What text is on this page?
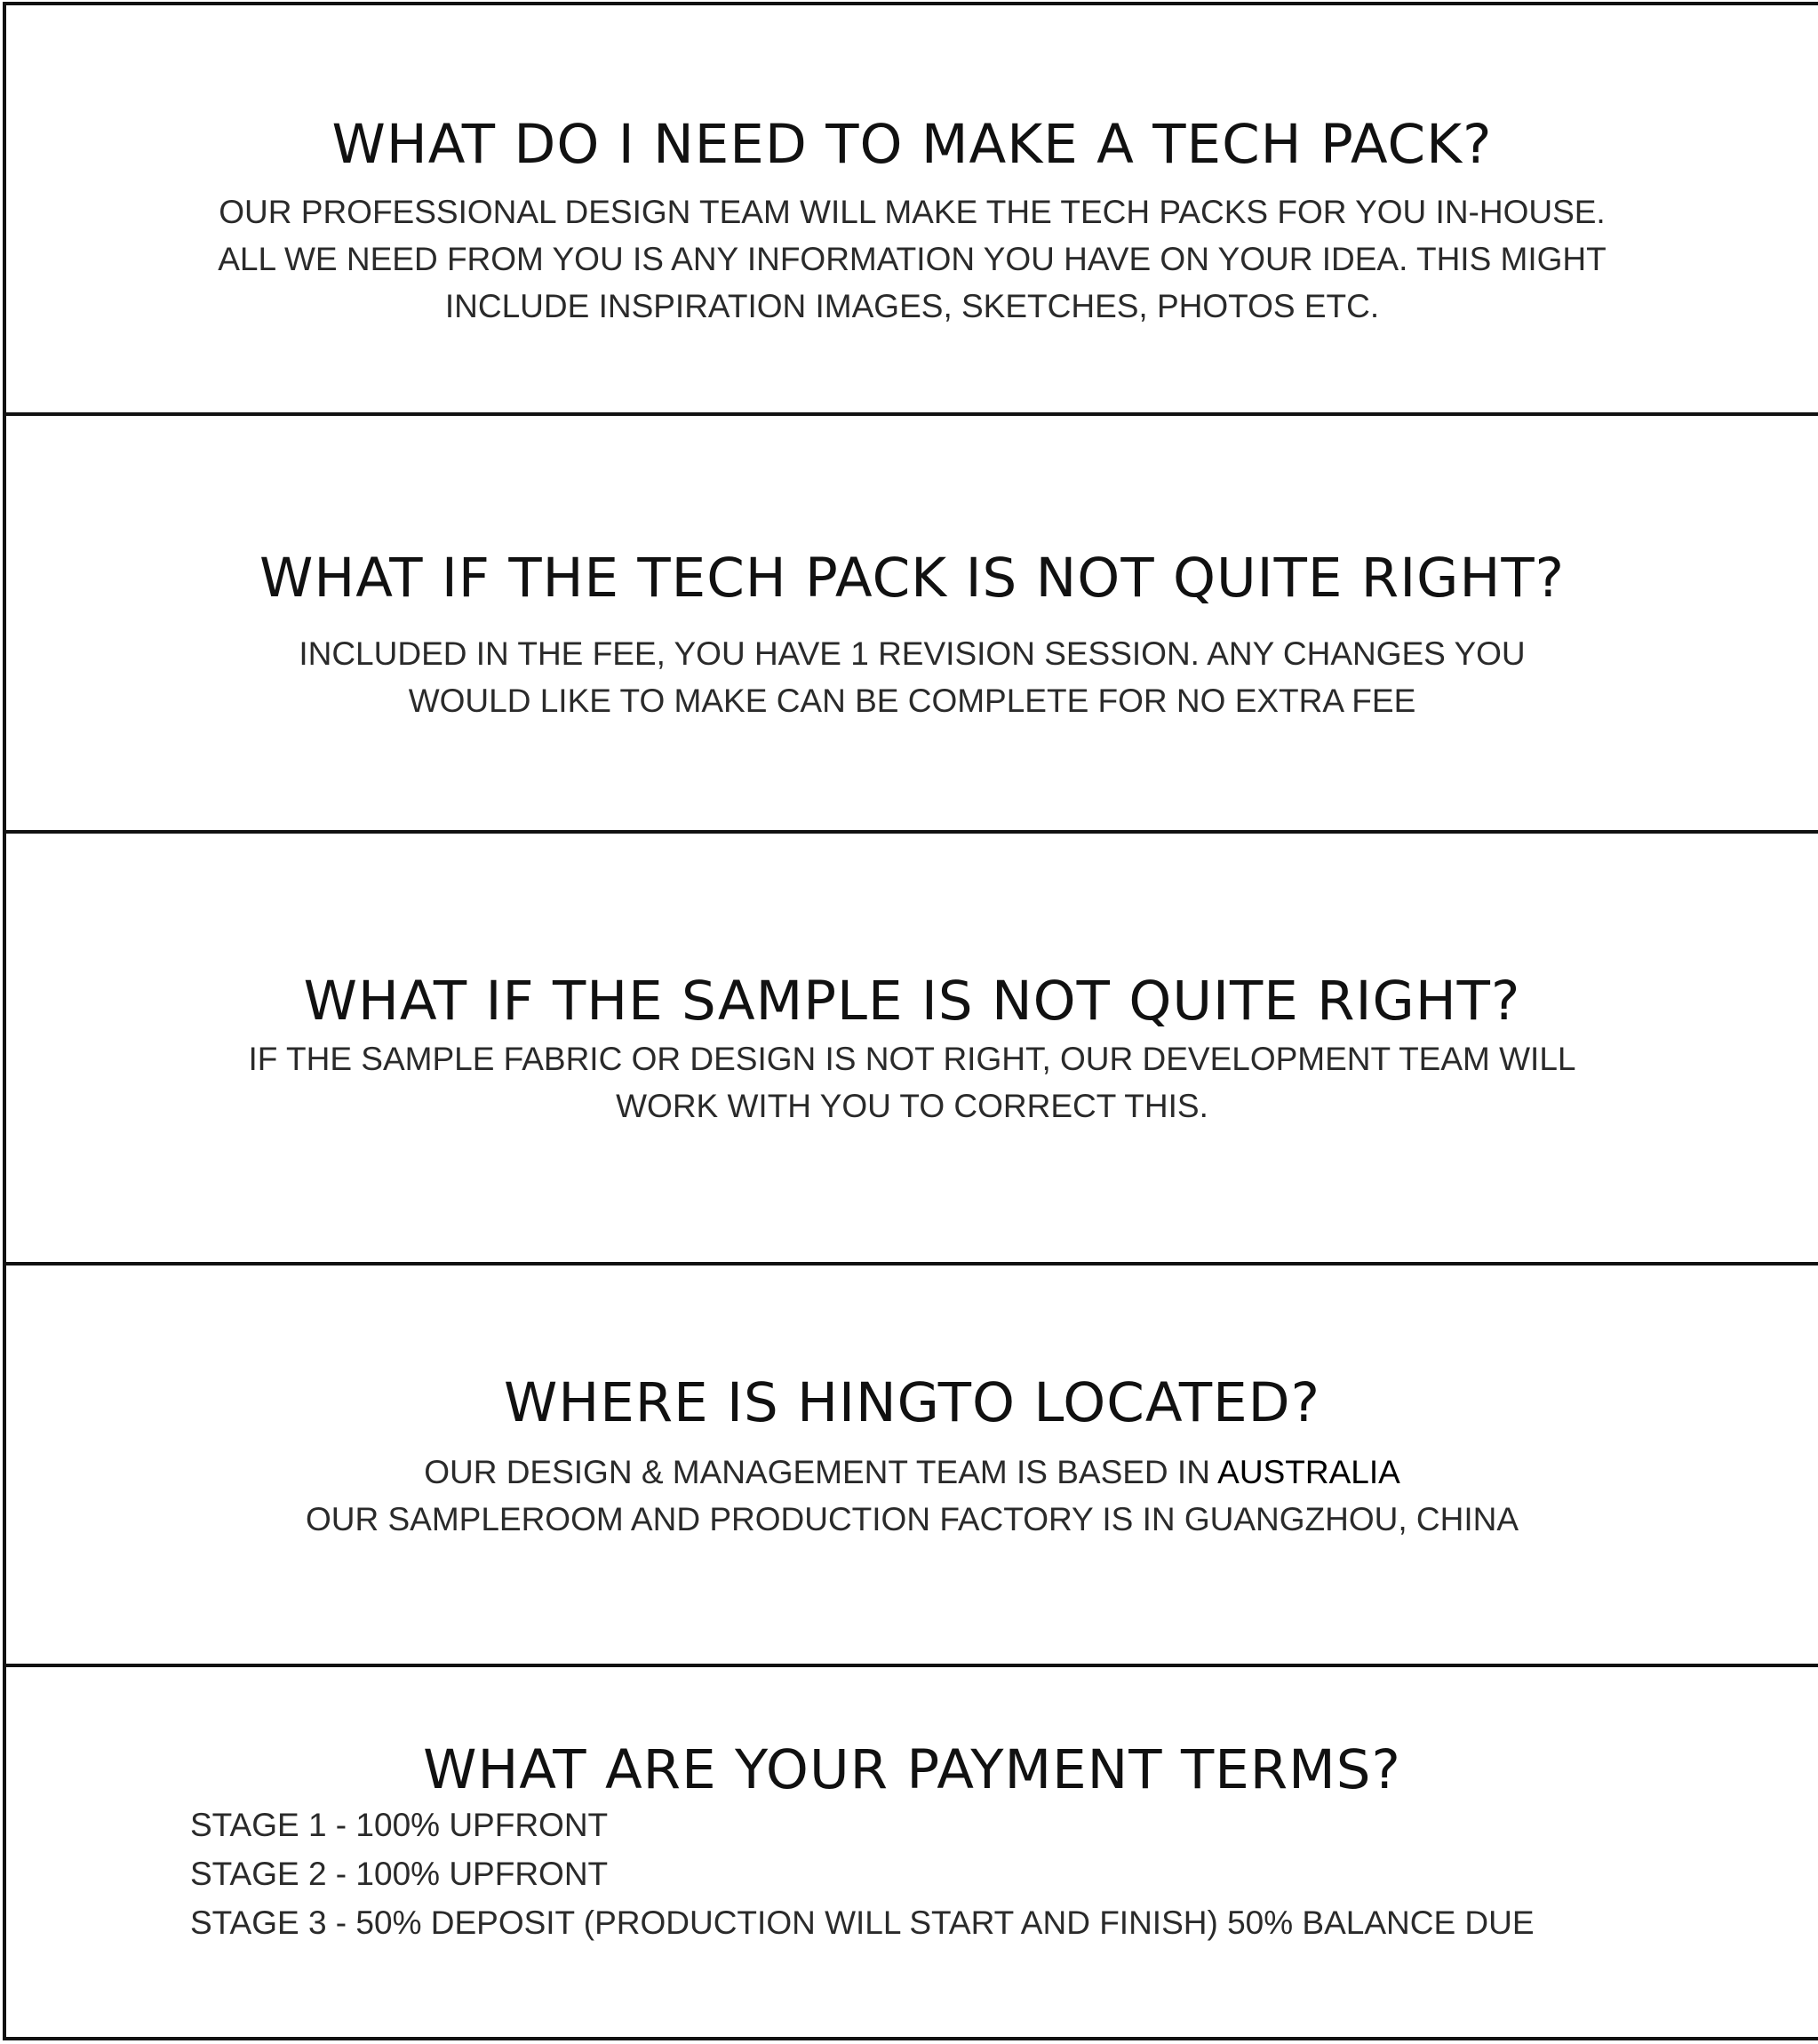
WHAT DO I NEED TO MAKE A TECH PACK?

OUR PROFESSIONAL DESIGN TEAM WILL MAKE THE TECH PACKS FOR YOU IN-HOUSE.
ALL WE NEED FROM YOU IS ANY INFORMATION YOU HAVE ON YOUR IDEA. THIS MIGHT
INCLUDE INSPIRATION IMAGES, SKETCHES, PHOTOS ETC.

WHAT IF THE TECH PACK IS NOT QUITE RIGHT?

INCLUDED IN THE FEE, YOU HAVE 1 REVISION SESSION. ANY CHANGES YOU
WOULD LIKE TO MAKE CAN BE COMPLETE FOR NO EXTRA FEE

WHAT IF THE SAMPLE IS NOT QUITE RIGHT?

IF THE SAMPLE FABRIC OR DESIGN IS NOT RIGHT, OUR DEVELOPMENT TEAM WILL
WORK WITH YOU TO CORRECT THIS.

WHERE IS HINGTO LOCATED?

OUR DESIGN & MANAGEMENT TEAM IS BASED IN AUSTRALIA
OUR SAMPLEROOM AND PRODUCTION FACTORY IS IN GUANGZHOU, CHINA

WHAT ARE YOUR PAYMENT TERMS?
STAGE 1 - 100% UPFRONT
STAGE 2 - 100% UPFRONT
STAGE 3 - 50% DEPOSIT (PRODUCTION WILL START AND FINISH) 50% BALANCE DUE
